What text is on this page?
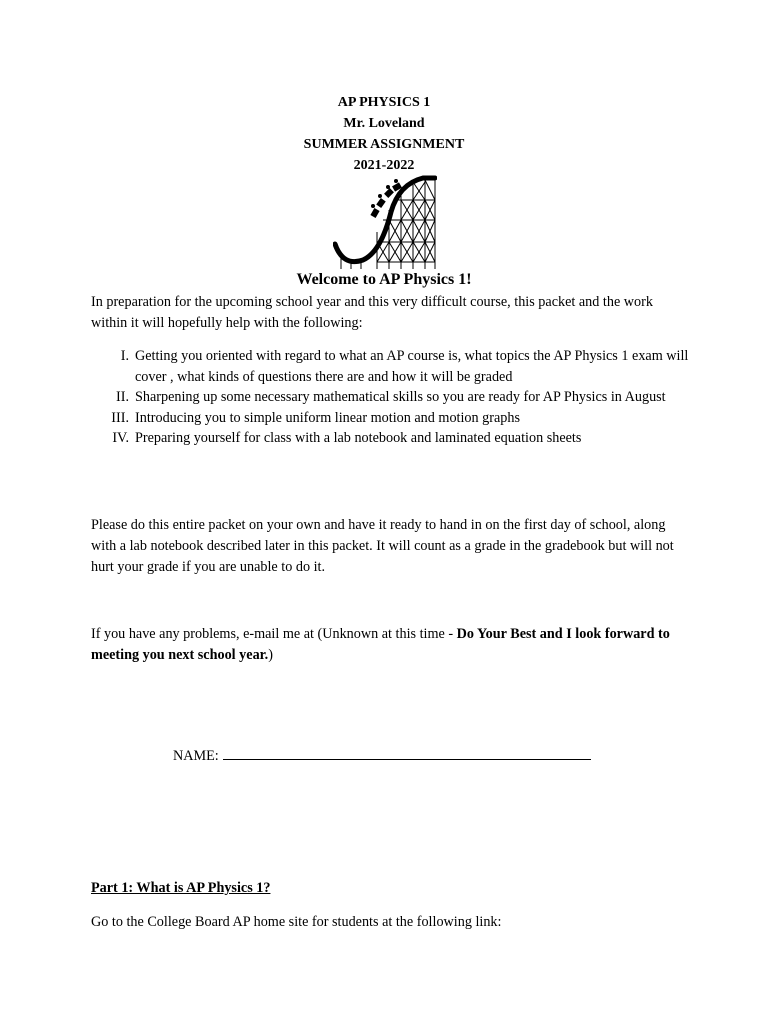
AP PHYSICS 1
Mr. Loveland
SUMMER ASSIGNMENT
2021-2022
Welcome to AP Physics 1!
In preparation for the upcoming school year and this very difficult course, this packet and the work within it will hopefully help with the following:
I. Getting you oriented with regard to what an AP course is, what topics the AP Physics 1 exam will cover , what kinds of questions there are and how it will be graded
II. Sharpening up some necessary mathematical skills so you are ready for AP Physics in August
III. Introducing you to simple uniform linear motion and motion graphs
IV. Preparing yourself for class with a lab notebook and laminated equation sheets
Please do this entire packet on your own and have it ready to hand in on the first day of school, along with a lab notebook described later in this packet. It will count as a grade in the gradebook but will not hurt your grade if you are unable to do it.
If you have any problems, e-mail me at (Unknown at this time - Do Your Best and I look forward to meeting you next school year.)
NAME:
Part 1: What is AP Physics 1?
Go to the College Board AP home site for students at the following link:
